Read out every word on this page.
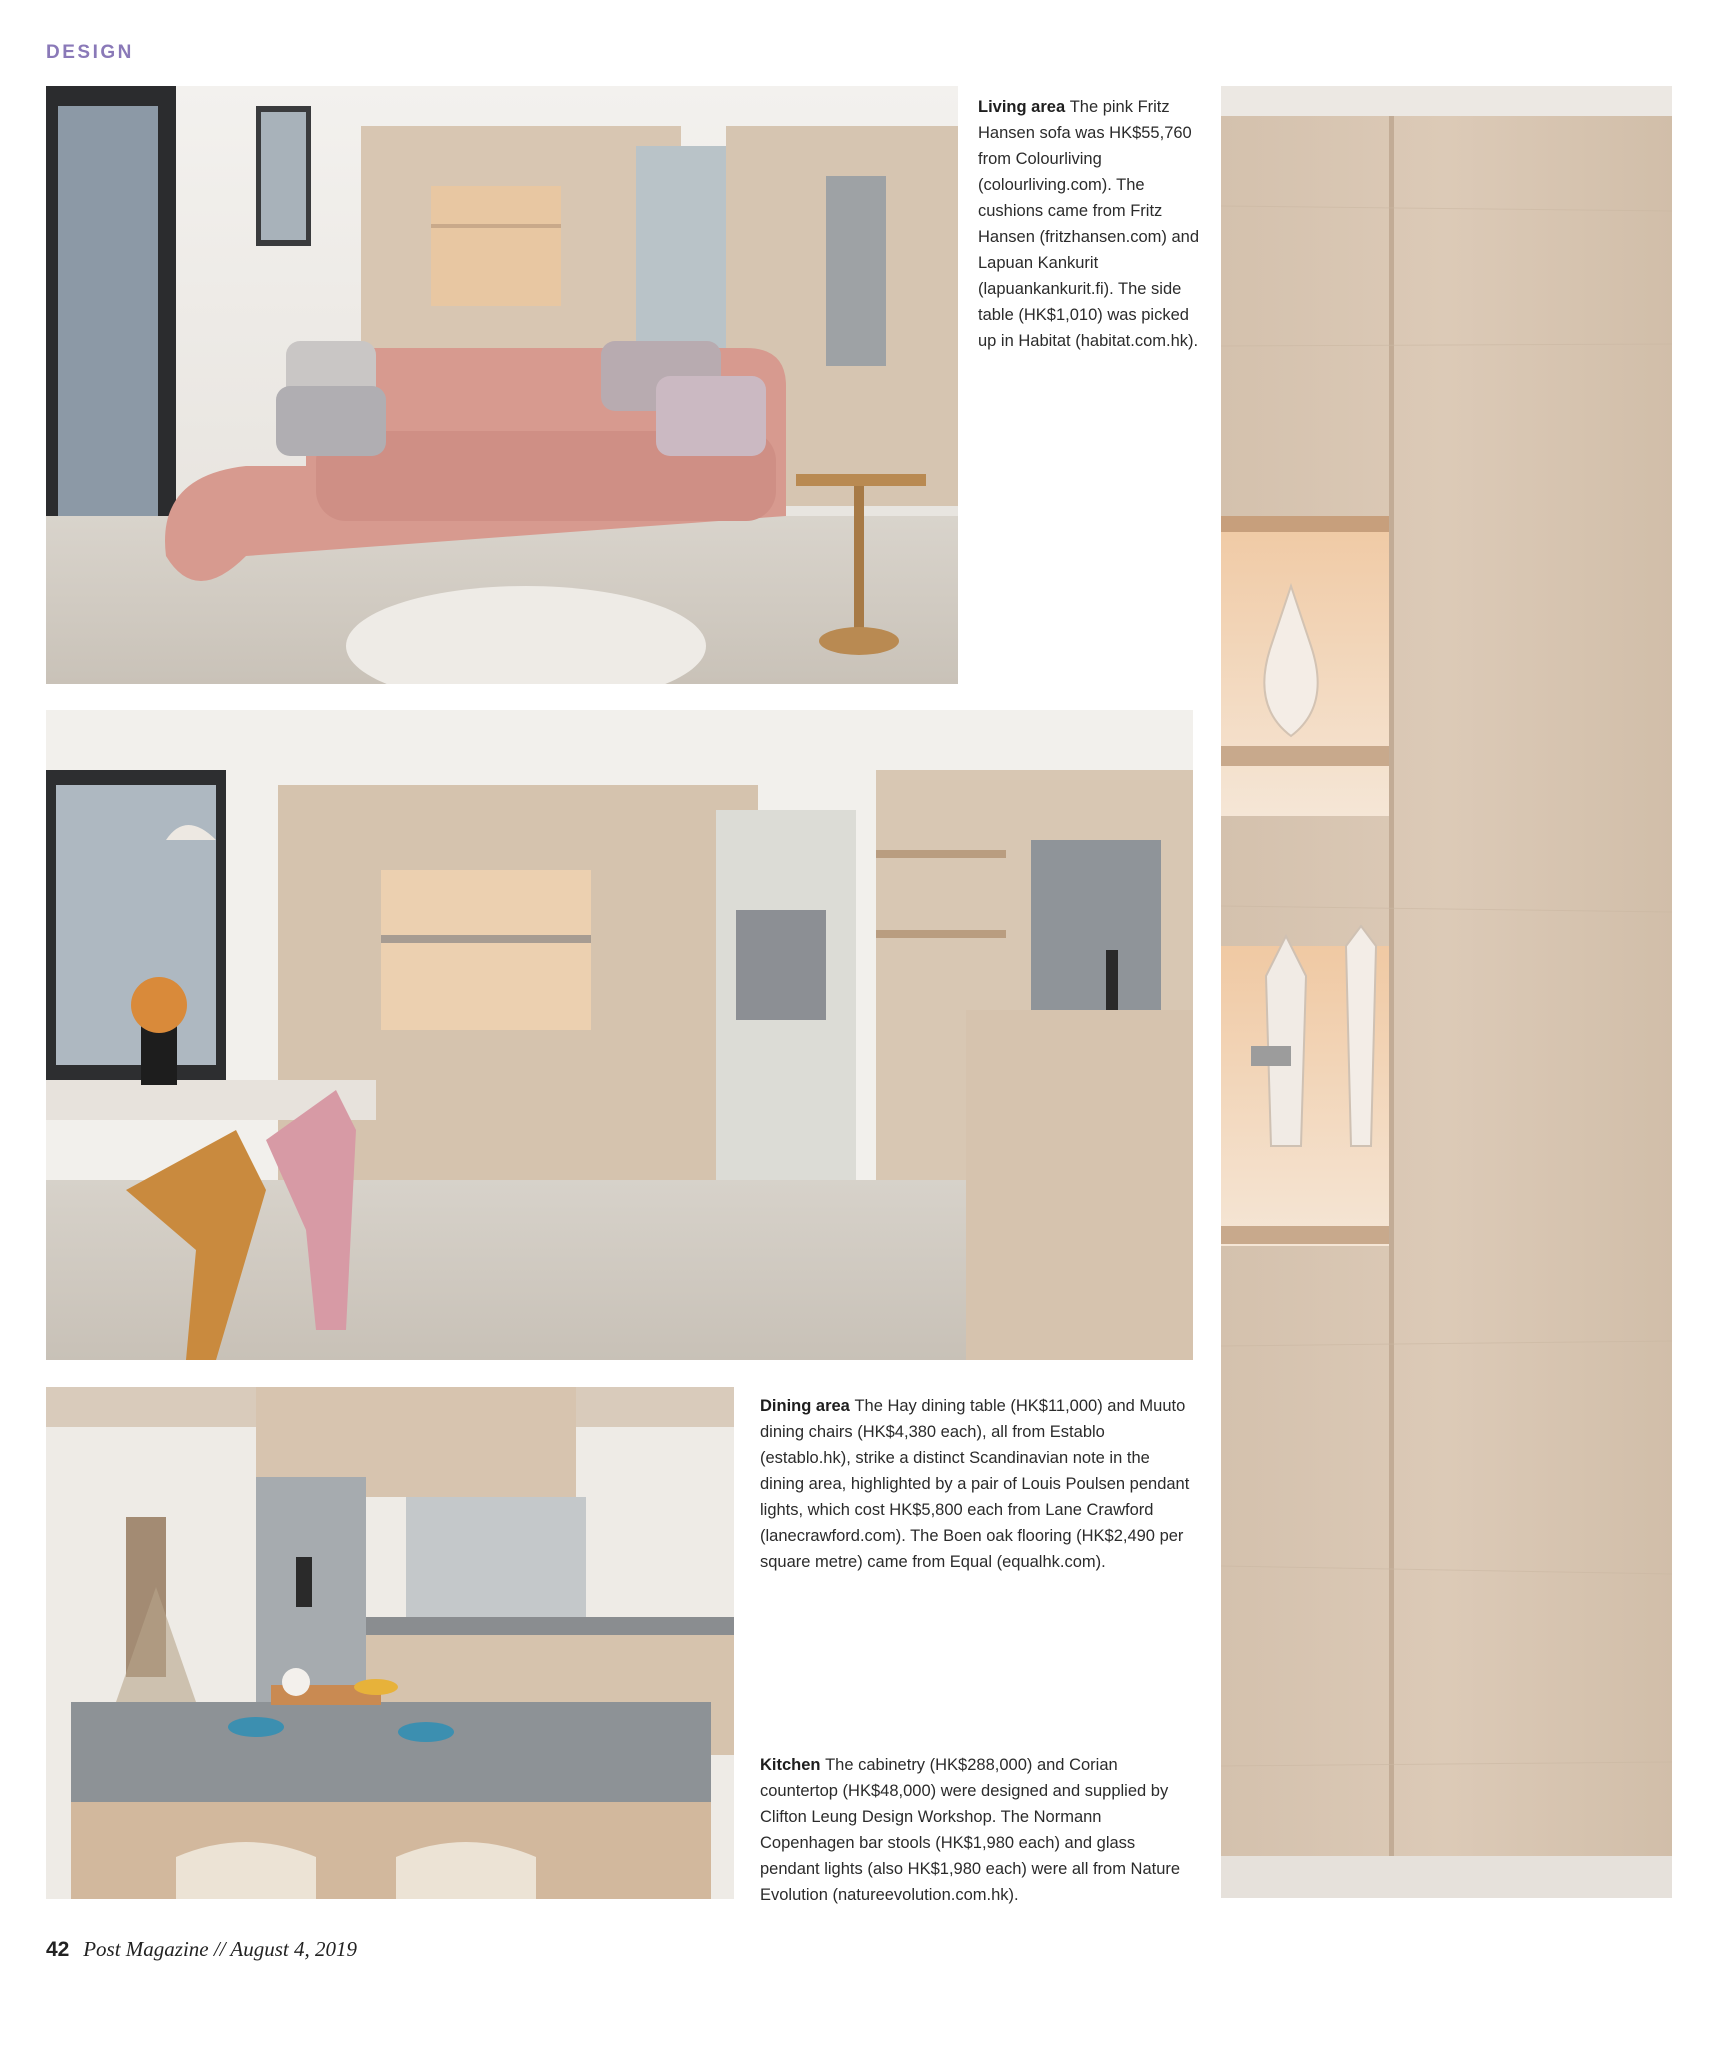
DESIGN
Living area The pink Fritz Hansen sofa was HK$55,760 from Colourliving (colourliving.com). The cushions came from Fritz Hansen (fritzhansen.com) and Lapuan Kankurit (lapuankankurit.fi). The side table (HK$1,010) was picked up in Habitat (habitat.com.hk).
Dining area The Hay dining table (HK$11,000) and Muuto dining chairs (HK$4,380 each), all from Establo (establo.hk), strike a distinct Scandinavian note in the dining area, highlighted by a pair of Louis Poulsen pendant lights, which cost HK$5,800 each from Lane Crawford (lanecrawford.com). The Boen oak flooring (HK$2,490 per square metre) came from Equal (equalhk.com).
Kitchen The cabinetry (HK$288,000) and Corian countertop (HK$48,000) were designed and supplied by Clifton Leung Design Workshop. The Normann Copenhagen bar stools (HK$1,980 each) and glass pendant lights (also HK$1,980 each) were all from Nature Evolution (natureevolution.com.hk).
42 Post Magazine // August 4, 2019
